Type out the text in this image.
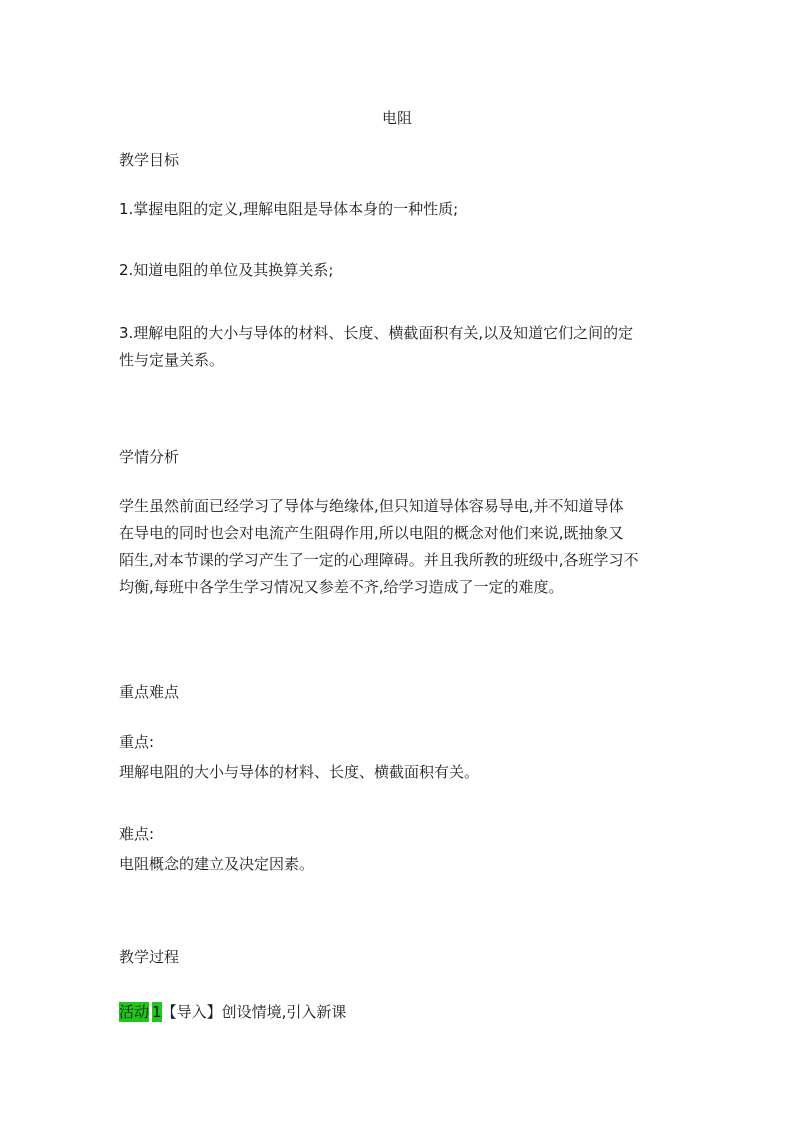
电阻
教学目标
1.掌握电阻的定义,理解电阻是导体本身的一种性质;
2.知道电阻的单位及其换算关系;
3.理解电阻的大小与导体的材料、长度、横截面积有关,以及知道它们之间的定
性与定量关系。
学情分析
学生虽然前面已经学习了导体与绝缘体,但只知道导体容易导电,并不知道导体
在导电的同时也会对电流产生阻碍作用,所以电阻的概念对他们来说,既抽象又
陌生,对本节课的学习产生了一定的心理障碍。并且我所教的班级中,各班学习不
均衡,每班中各学生学习情况又参差不齐,给学习造成了一定的难度。
重点难点
重点:
理解电阻的大小与导体的材料、长度、横截面积有关。
难点:
电阻概念的建立及决定因素。
教学过程
活动 1【导入】创设情境,引入新课
